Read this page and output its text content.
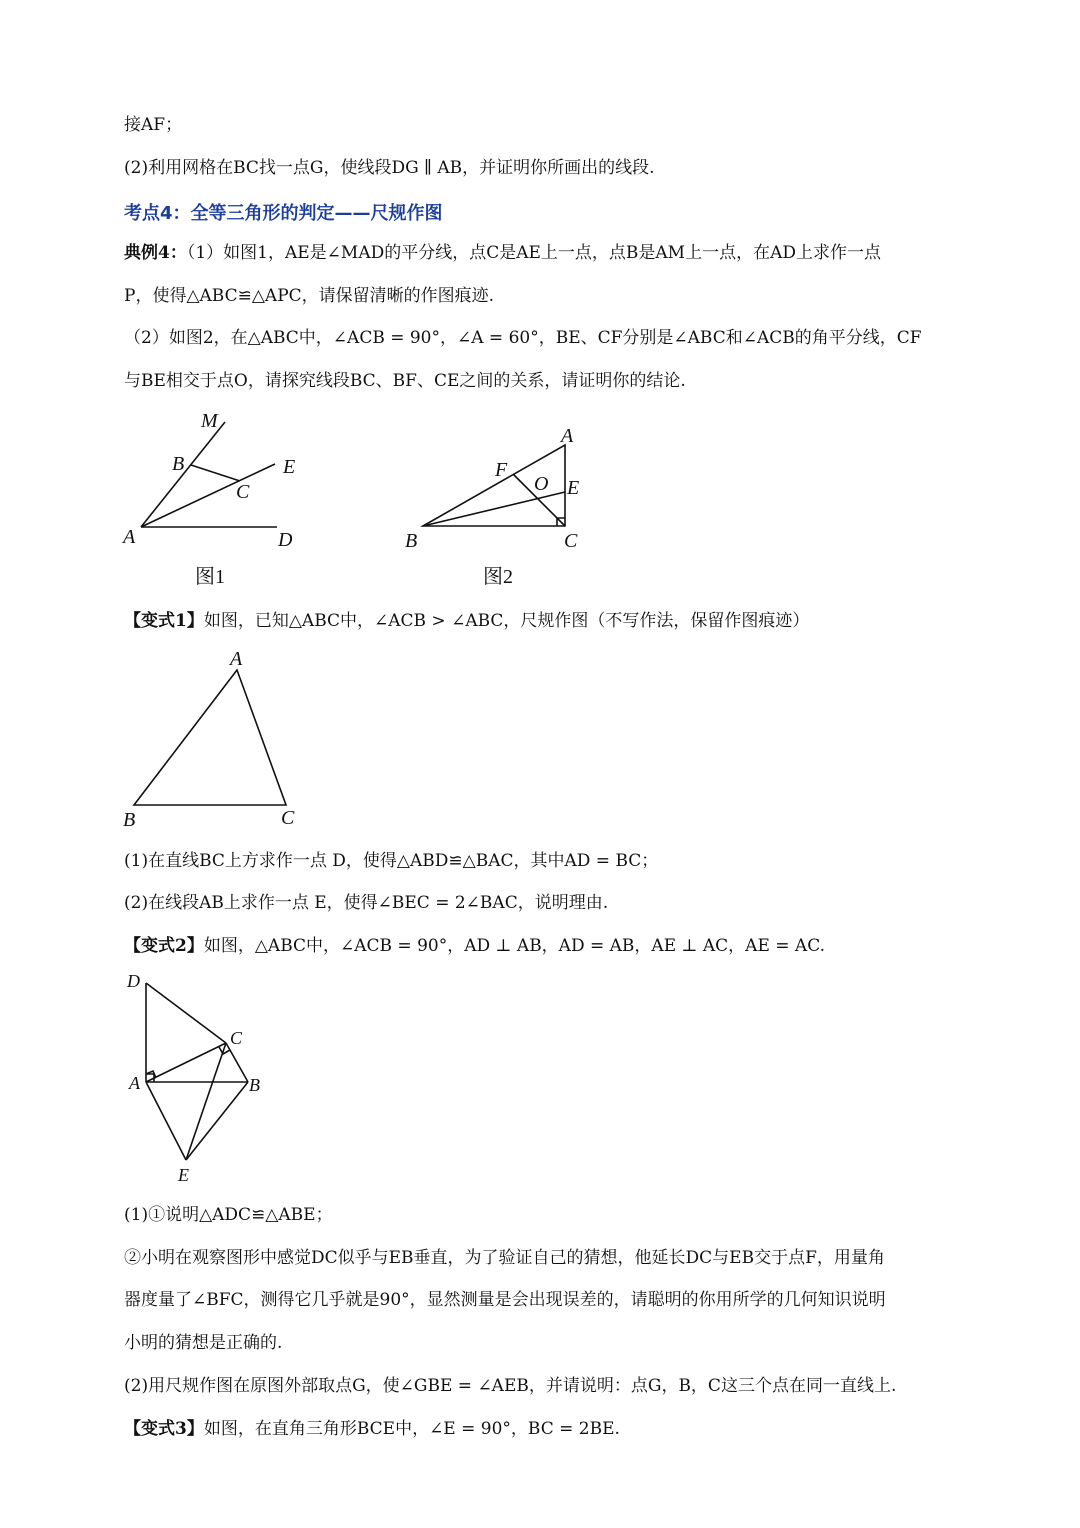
接AF；
(2)利用网格在BC找一点G，使线段DG ∥ AB，并证明你所画出的线段.
考点4：全等三角形的判定——尺规作图
典例4：（1）如图1，AE是∠MAD的平分线，点C是AE上一点，点B是AM上一点，在AD上求作一点
P，使得△ABC≌△APC，请保留清晰的作图痕迹.
（2）如图2，在△ABC中，∠ACB = 90°，∠A = 60°，BE、CF分别是∠ABC和∠ACB的角平分线，CF
与BE相交于点O，请探究线段BC、BF、CE之间的关系，请证明你的结论.
M
B	E
C
A	D
图1
A
F
O E
B	C
图2
【变式1】如图，已知△ABC中，∠ACB > ∠ABC，尺规作图（不写作法，保留作图痕迹）
A
B	C
(1)在直线BC上方求作一点 D，使得△ABD≌△BAC，其中AD = BC；
(2)在线段AB上求作一点 E，使得∠BEC = 2∠BAC，说明理由.
【变式2】如图，△ABC中，∠ACB = 90°，AD ⊥ AB，AD = AB，AE ⊥ AC，AE = AC.
D
C
A	B
E
(1)①说明△ADC≌△ABE；
②小明在观察图形中感觉DC似乎与EB垂直，为了验证自己的猜想，他延长DC与EB交于点F，用量角
器度量了∠BFC，测得它几乎就是90°，显然测量是会出现误差的，请聪明的你用所学的几何知识说明
小明的猜想是正确的.
(2)用尺规作图在原图外部取点G，使∠GBE = ∠AEB，并请说明：点G，B，C这三个点在同一直线上.
【变式3】如图，在直角三角形BCE中，∠E = 90°，BC = 2BE.
